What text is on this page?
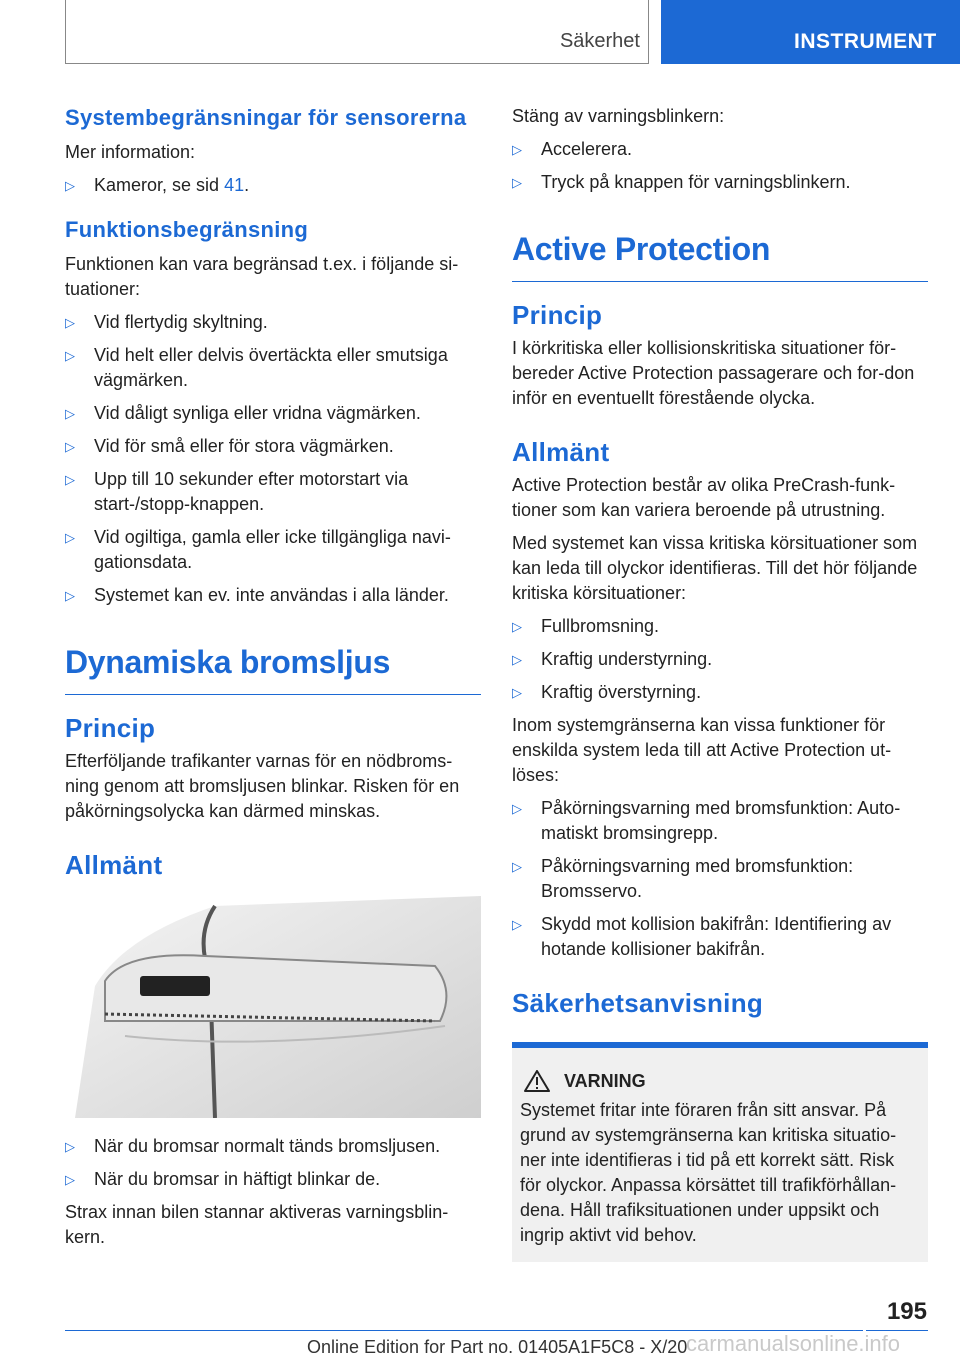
Säkerhet	INSTRUMENT
Systembegränsningar för sensorerna

Mer information:

▷ Kameror, se sid 41.
Funktionsbegränsning

Funktionen kan vara begränsad t.ex. i följande si-tuationer:

▷ Vid flertydig skyltning.
▷ Vid helt eller delvis övertäckta eller smutsiga vägmärken.
▷ Vid dåligt synliga eller vridna vägmärken.
▷ Vid för små eller för stora vägmärken.
▷ Upp till 10 sekunder efter motorstart via start-/stopp-knappen.
▷ Vid ogiltiga, gamla eller icke tillgängliga navi-gationsdata.
▷ Systemet kan ev. inte användas i alla länder.
Dynamiska bromsljus
Princip

Efterföljande trafikanter varnas för en nödbroms-ning genom att bromsljusen blinkar. Risken för en påkörningsolycka kan därmed minskas.

Allmänt
▷ När du bromsar normalt tänds bromsljusen.
▷ När du bromsar in häftigt blinkar de.

Strax innan bilen stannar aktiveras varningsblin-kern.

Stäng av varningsblinkern:

▷ Accelerera.
▷ Tryck på knappen för varningsblinkern.
Active Protection
Princip

I körkritiska eller kollisionskritiska situationer för-bereder Active Protection passagerare och for-don inför en eventuellt förestående olycka.

Allmänt

Active Protection består av olika PreCrash-funk-tioner som kan variera beroende på utrustning.

Med systemet kan vissa kritiska körsituationer som kan leda till olyckor identifieras. Till det hör följande kritiska körsituationer:

▷ Fullbromsning.
▷ Kraftig understyrning.
▷ Kraftig överstyrning.

Inom systemgränserna kan vissa funktioner för enskilda system leda till att Active Protection ut-löses:

▷ Påkörningsvarning med bromsfunktion: Auto-matiskt bromsingrepp.
▷ Påkörningsvarning med bromsfunktion: Bromsservo.
▷ Skydd mot kollision bakifrån: Identifiering av hotande kollisioner bakifrån.
Säkerhetsanvisning
VARNING

Systemet fritar inte föraren från sitt ansvar. På grund av systemgränserna kan kritiska situatio-ner inte identifieras i tid på ett korrekt sätt. Risk för olyckor. Anpassa körsättet till trafikförhållan-dena. Håll trafiksituationen under uppsikt och ingrip aktivt vid behov.

195
Online Edition for Part no. 01405A1F5C8 - X/20
carmanualsonline.info
